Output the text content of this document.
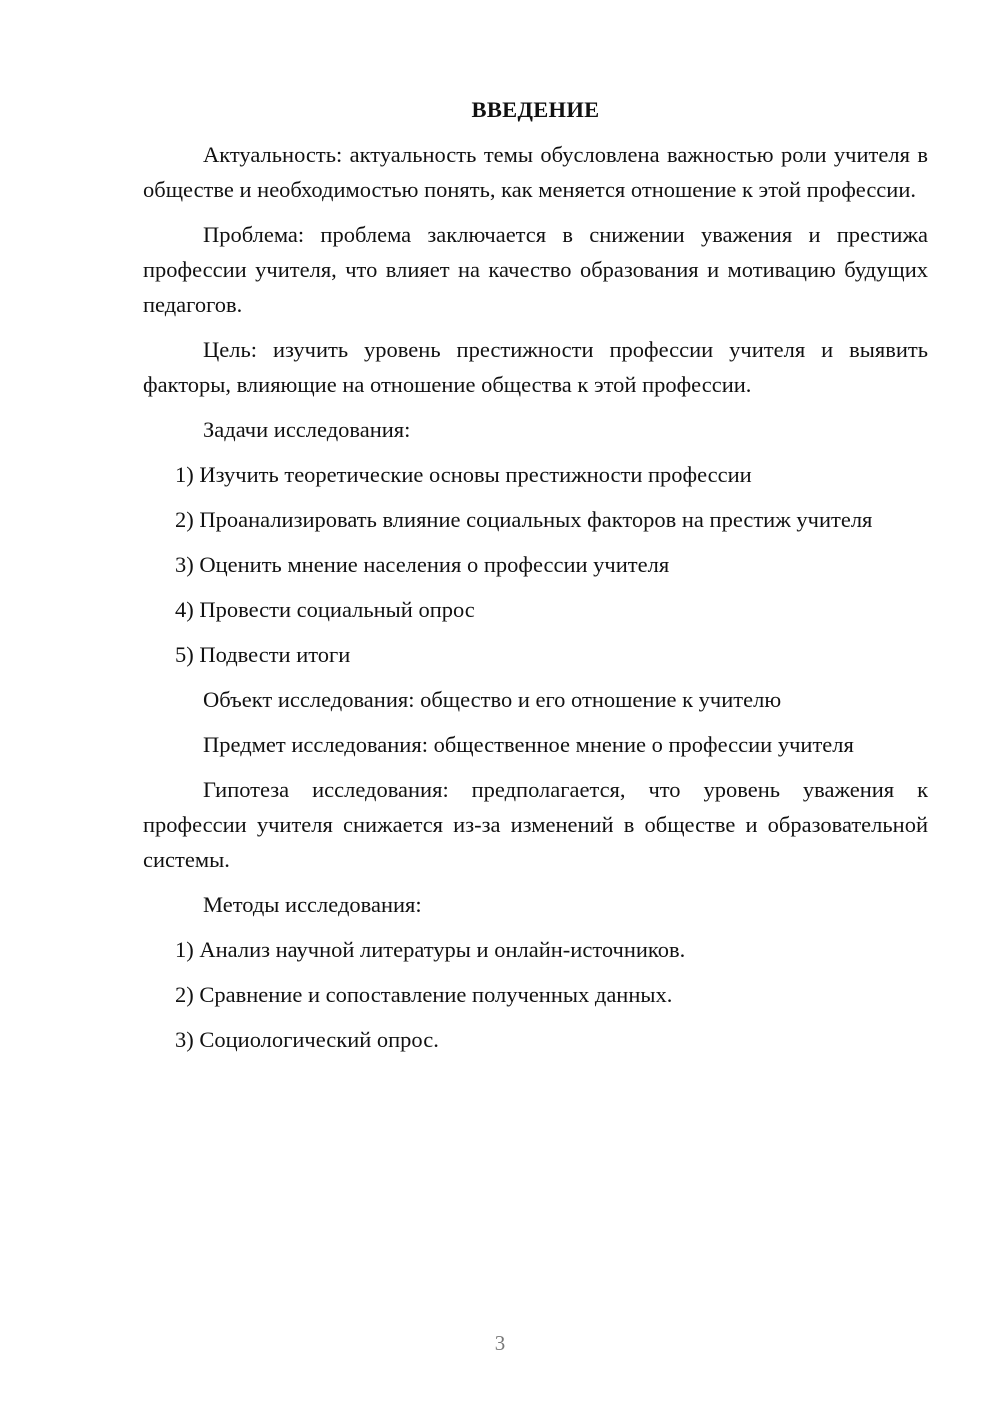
ВВЕДЕНИЕ

Актуальность: актуальность темы обусловлена важностью роли учителя в обществе и необходимостью понять, как меняется отношение к этой профессии.

Проблема: проблема заключается в снижении уважения и престижа профессии учителя, что влияет на качество образования и мотивацию будущих педагогов.

Цель: изучить уровень престижности профессии учителя и выявить факторы, влияющие на отношение общества к этой профессии.

Задачи исследования:

1) Изучить теоретические основы престижности профессии

2) Проанализировать влияние социальных факторов на престиж учителя

3) Оценить мнение населения о профессии учителя

4) Провести социальный опрос

5) Подвести итоги

Объект исследования: общество и его отношение к учителю

Предмет исследования: общественное мнение о профессии учителя

Гипотеза исследования: предполагается, что уровень уважения к профессии учителя снижается из-за изменений в обществе и образовательной системы.

Методы исследования:

1) Анализ научной литературы и онлайн-источников.

2) Сравнение и сопоставление полученных данных.

3) Социологический опрос.

3
